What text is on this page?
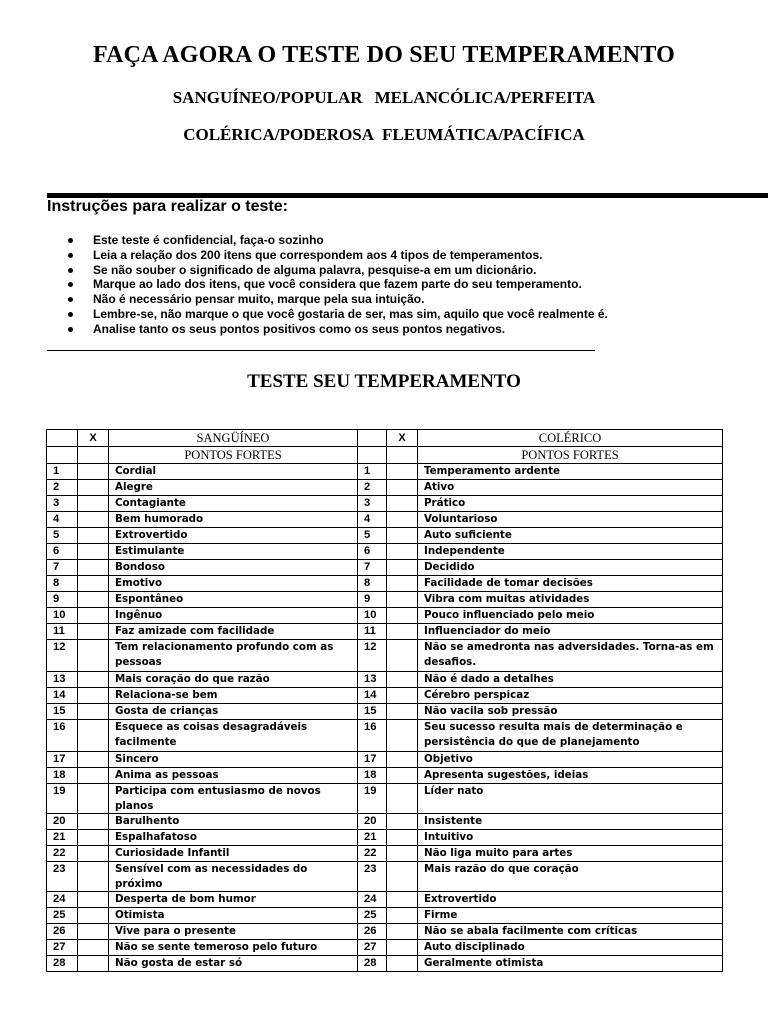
FAÇA AGORA O TESTE DO SEU TEMPERAMENTO
SANGUÍNEO/POPULAR MELANCÓLICA/PERFEITA
COLÉRICA/PODEROSA FLEUMÁTICA/PACÍFICA
Instruções para realizar o teste:
Este teste é confidencial, faça-o sozinho
Leia a relação dos 200 itens que correspondem aos 4 tipos de temperamentos.
Se não souber o significado de alguma palavra, pesquise-a em um dicionário.
Marque ao lado dos itens, que você considera que fazem parte do seu temperamento.
Não é necessário pensar muito, marque pela sua intuição.
Lembre-se, não marque o que você gostaria de ser, mas sim, aquilo que você realmente é.
Analise tanto os seus pontos positivos como os seus pontos negativos.
TESTE SEU TEMPERAMENTO
	X	SANGÜÍNEO		X	COLÉRICO
		PONTOS FORTES			PONTOS FORTES
1		Cordial	1		Temperamento ardente
2		Alegre	2		Ativo
3		Contagiante	3		Prático
4		Bem humorado	4		Voluntarioso
5		Extrovertido	5		Auto suficiente
6		Estimulante	6		Independente
7		Bondoso	7		Decidido
8		Emotivo	8		Facilidade de tomar decisões
9		Espontâneo	9		Vibra com muitas atividades
10		Ingênuo	10		Pouco influenciado pelo meio
11		Faz amizade com facilidade	11		Influenciador do meio
12		Tem relacionamento profundo com as pessoas	12		Não se amedronta nas adversidades. Torna-as em desafios.
13		Mais coração do que razão	13		Não é dado a detalhes
14		Relaciona-se bem	14		Cérebro perspicaz
15		Gosta de crianças	15		Não vacila sob pressão
16		Esquece as coisas desagradáveis facilmente	16		Seu sucesso resulta mais de determinação e persistência do que de planejamento
17		Sincero	17		Objetivo
18		Anima as pessoas	18		Apresenta sugestões, ideias
19		Participa com entusiasmo de novos planos	19		Líder nato
20		Barulhento	20		Insistente
21		Espalhafatoso	21		Intuitivo
22		Curiosidade Infantil	22		Não liga muito para artes
23		Sensível com as necessidades do próximo	23		Mais razão do que coração
24		Desperta de bom humor	24		Extrovertido
25		Otimista	25		Firme
26		Vive para o presente	26		Não se abala facilmente com críticas
27		Não se sente temeroso pelo futuro	27		Auto disciplinado
28		Não gosta de estar só	28		Geralmente otimista
